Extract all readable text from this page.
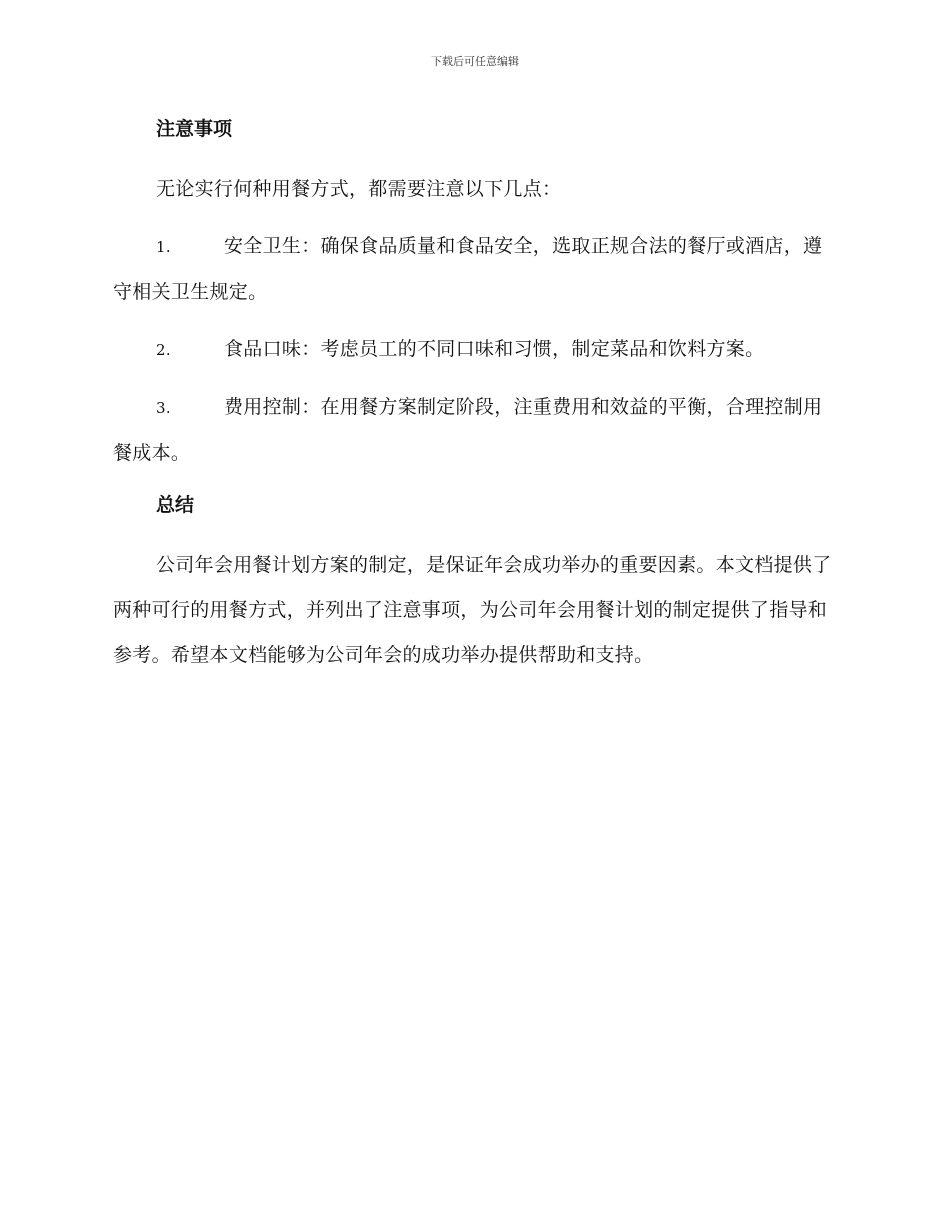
下载后可任意编辑
注意事项

无论实行何种用餐方式，都需要注意以下几点：

1.	安全卫生：确保食品质量和食品安全，选取正规合法的餐厅或酒店，遵守相关卫生规定。

2.	食品口味：考虑员工的不同口味和习惯，制定菜品和饮料方案。

3.	费用控制：在用餐方案制定阶段，注重费用和效益的平衡，合理控制用餐成本。

总结

公司年会用餐计划方案的制定，是保证年会成功举办的重要因素。本文档提供了两种可行的用餐方式，并列出了注意事项，为公司年会用餐计划的制定提供了指导和参考。希望本文档能够为公司年会的成功举办提供帮助和支持。
